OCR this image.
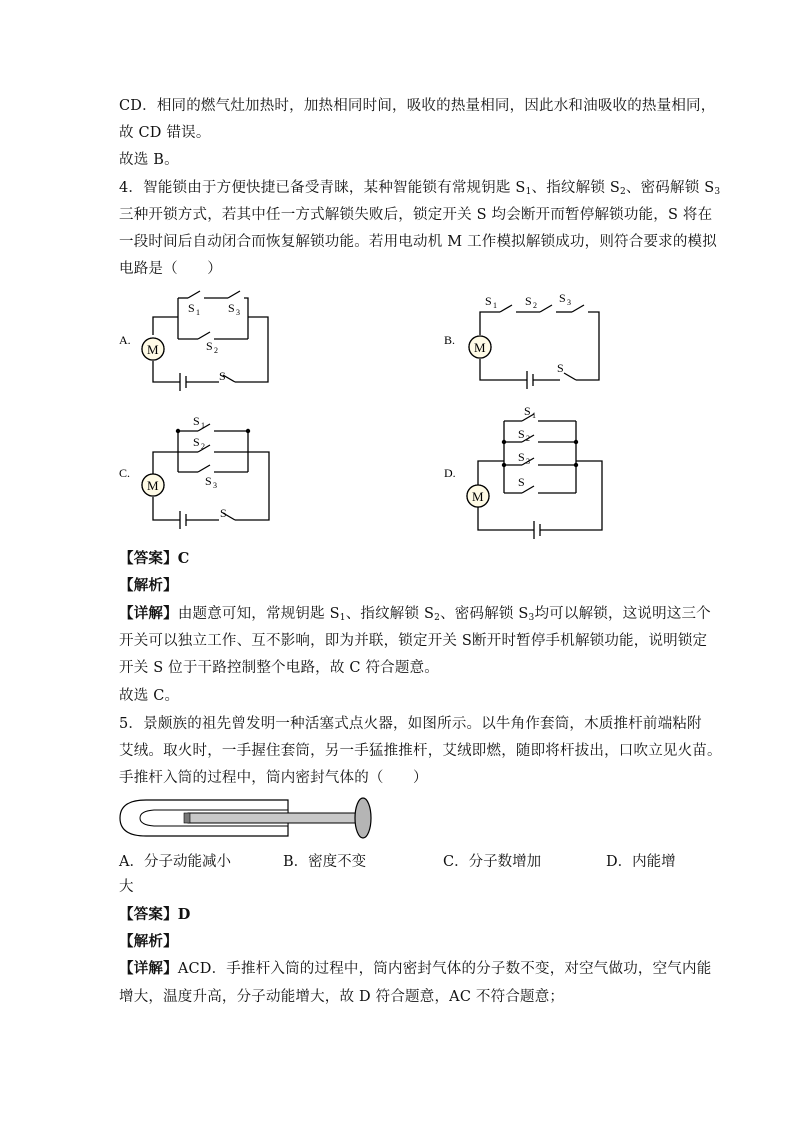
CD．相同的燃气灶加热时，加热相同时间，吸收的热量相同，因此水和油吸收的热量相同，
故 CD 错误。
故选 B。
4．智能锁由于方便快捷已备受青睐，某种智能锁有常规钥匙 $S_1$、指纹解锁 $S_2$、密码解锁 $S_3$
三种开锁方式，若其中任一方式解锁失败后，锁定开关 S 均会断开而暂停解锁功能，S 将在
一段时间后自动闭合而恢复解锁功能。若用电动机 M 工作模拟解锁成功，则符合要求的模拟
电路是（　　）
A.	B.
C.	D.
M	M
M
M
S 1 S 3
S 2
S
S 1 S 2
S 3
S
S 1
S 2
S 3
S
S 1
S 2
S 3
S
【答案】C
【解析】
【详解】由题意可知，常规钥匙 $S_1$、指纹解锁 $S_2$、密码解锁 $S_3$均可以解锁，这说明这三个
开关可以独立工作、互不影响，即为并联，锁定开关 S断开时暂停手机解锁功能，说明锁定
开关 S 位于干路控制整个电路，故 C 符合题意。
故选 C。
5．景颇族的祖先曾发明一种活塞式点火器，如图所示。以牛角作套筒，木质推杆前端粘附
艾绒。取火时，一手握住套筒，另一手猛推推杆，艾绒即燃，随即将杆拔出，口吹立见火苗。
手推杆入筒的过程中，筒内密封气体的（　　）
A．分子动能减小	B．密度不变	C．分子数增加	D．内能增
大
【答案】D
【解析】
【详解】ACD．手推杆入筒的过程中，筒内密封气体的分子数不变，对空气做功，空气内能
增大，温度升高，分子动能增大，故 D 符合题意，AC 不符合题意；
